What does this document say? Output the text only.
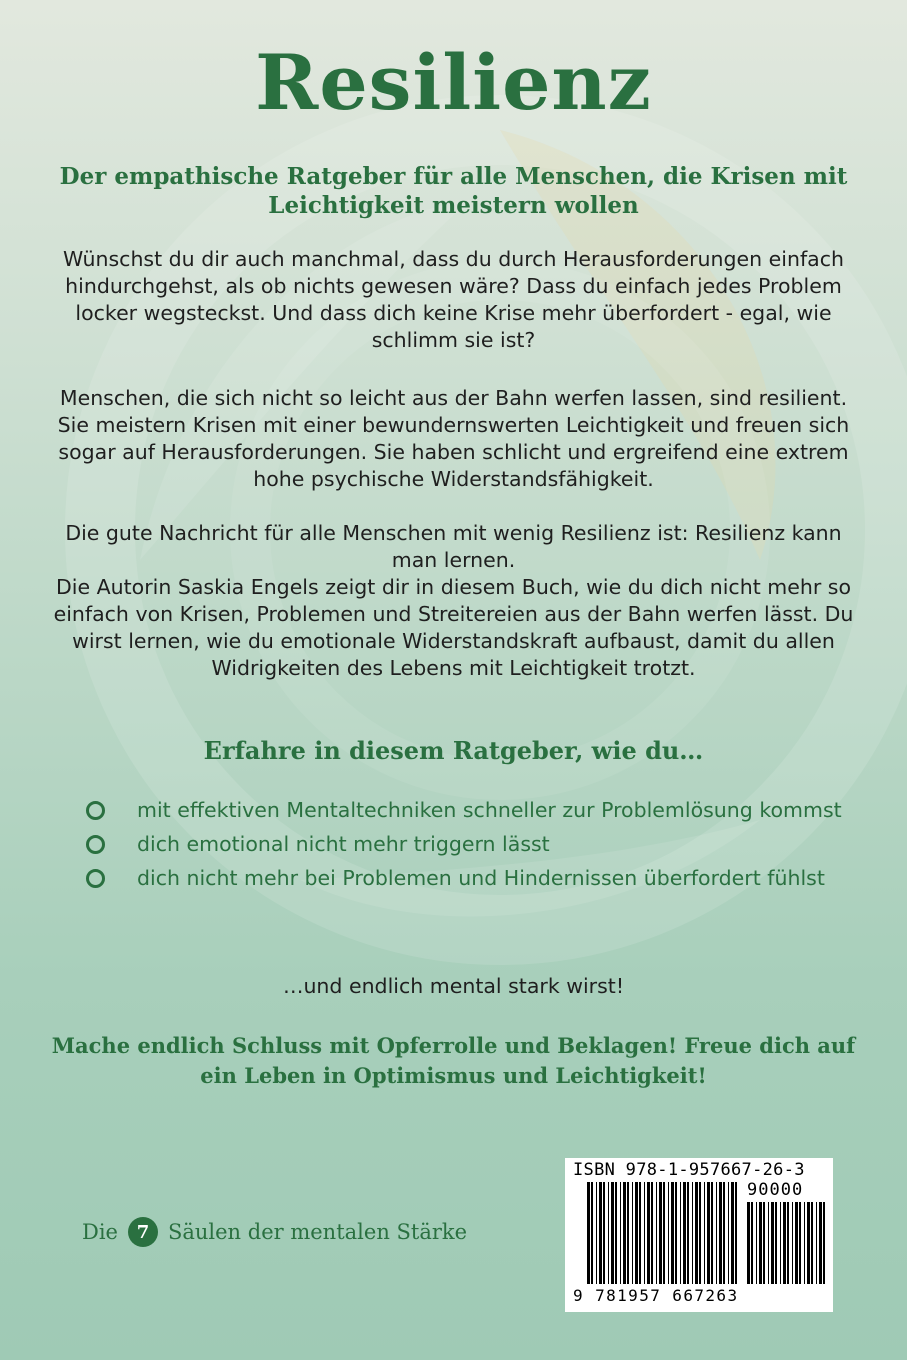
Resilienz

Der empathische Ratgeber für alle Menschen, die Krisen mit Leichtigkeit meistern wollen

Wünschst du dir auch manchmal, dass du durch Herausforderungen einfach hindurchgehst, als ob nichts gewesen wäre? Dass du einfach jedes Problem locker wegsteckst. Und dass dich keine Krise mehr überfordert - egal, wie schlimm sie ist?

Menschen, die sich nicht so leicht aus der Bahn werfen lassen, sind resilient. Sie meistern Krisen mit einer bewundernswerten Leichtigkeit und freuen sich sogar auf Herausforderungen. Sie haben schlicht und ergreifend eine extrem hohe psychische Widerstandsfähigkeit.

Die gute Nachricht für alle Menschen mit wenig Resilienz ist: Resilienz kann man lernen.

Die Autorin Saskia Engels zeigt dir in diesem Buch, wie du dich nicht mehr so einfach von Krisen, Problemen und Streitereien aus der Bahn werfen lässt. Du wirst lernen, wie du emotionale Widerstandskraft aufbaust, damit du allen Widrigkeiten des Lebens mit Leichtigkeit trotzt.

Erfahre in diesem Ratgeber, wie du…
mit effektiven Mentaltechniken schneller zur Problemlösung kommst
dich emotional nicht mehr triggern lässt
dich nicht mehr bei Problemen und Hindernissen überfordert fühlst

…und endlich mental stark wirst!

Mache endlich Schluss mit Opferrolle und Beklagen! Freue dich auf ein Leben in Optimismus und Leichtigkeit!

Die	7 Säulen der mentalen Stärke
ISBN 978-1-957667-26-3
90000
9 781957 667263
